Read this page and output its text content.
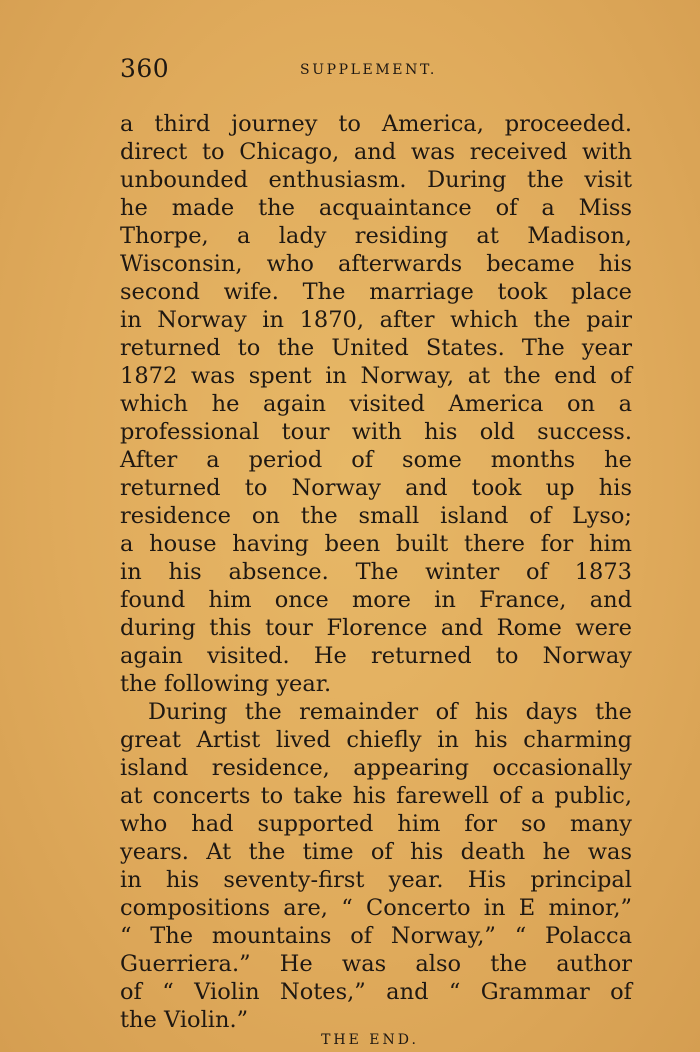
360	SUPPLEMENT.
a third journey to America, proceeded.
direct to Chicago, and was received with
unbounded enthusiasm. During the visit
he made the acquaintance of a Miss
Thorpe, a lady residing at Madison,
Wisconsin, who afterwards became his
second wife. The marriage took place
in Norway in 1870, after which the pair
returned to the United States. The year
1872 was spent in Norway, at the end of
which he again visited America on a
professional tour with his old success.
After a period of some months he
returned to Norway and took up his
residence on the small island of Lyso;
a house having been built there for him
in his absence. The winter of 1873
found him once more in France, and
during this tour Florence and Rome were
again visited. He returned to Norway
the following year.
During the remainder of his days the
great Artist lived chiefly in his charming
island residence, appearing occasionally
at concerts to take his farewell of a public,
who had supported him for so many
years. At the time of his death he was
in his seventy-first year. His principal
compositions are, “ Concerto in E minor,”
“ The mountains of Norway,” “ Polacca
Guerriera.” He was also the author
of “ Violin Notes,” and “ Grammar of
the Violin.”
THE END.
